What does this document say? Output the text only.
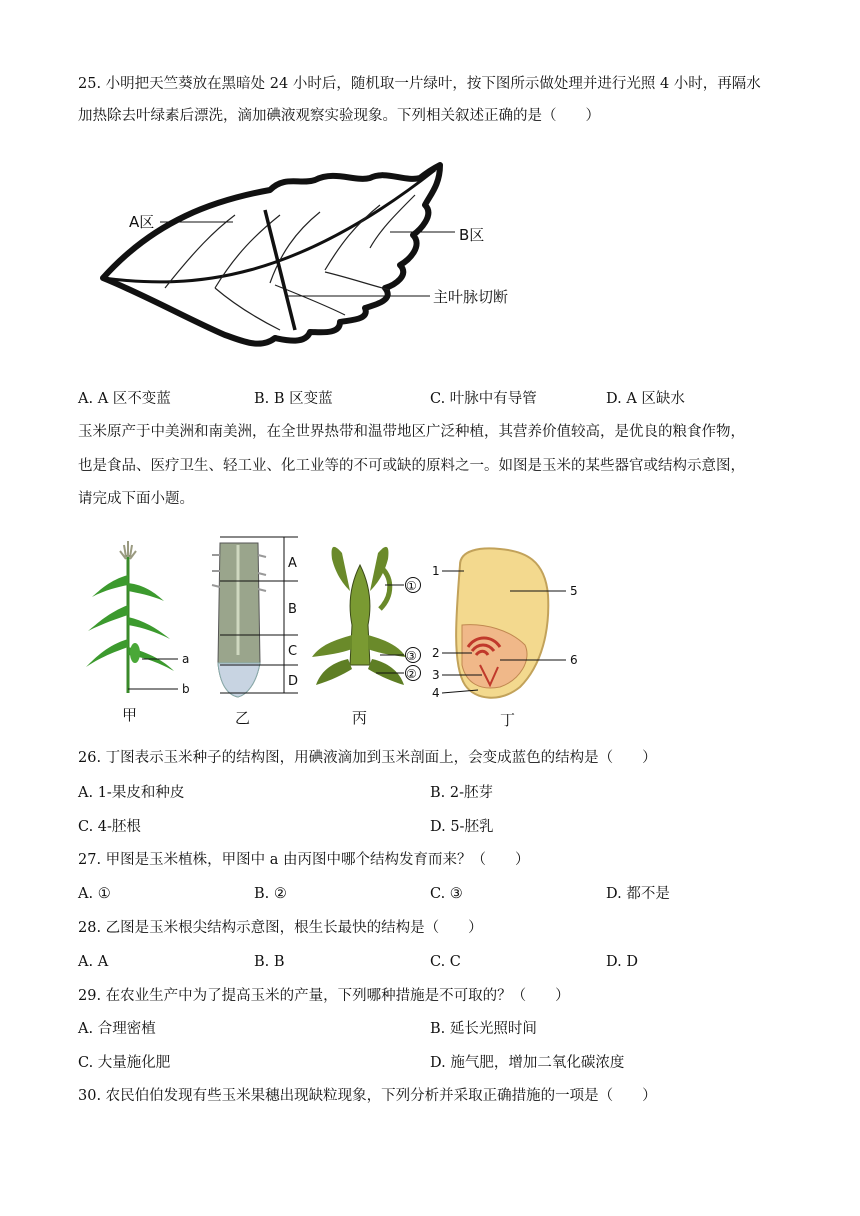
25. 小明把天竺葵放在黑暗处 24 小时后，随机取一片绿叶，按下图所示做处理并进行光照 4 小时，再隔水
加热除去叶绿素后漂洗，滴加碘液观察实验现象。下列相关叙述正确的是（　　）
A区
B区
主叶脉切断
A. A 区不变蓝	B. B 区变蓝	C. 叶脉中有导管	D. A 区缺水
玉米原产于中美洲和南美洲，在全世界热带和温带地区广泛种植，其营养价值较高，是优良的粮食作物，
也是食品、医疗卫生、轻工业、化工业等的不可或缺的原料之一。如图是玉米的某些器官或结构示意图，
请完成下面小题。
a
b
甲
A
B
C
D
乙
①
③
②
丙
1
5
2	6
3
4
丁
26. 丁图表示玉米种子的结构图，用碘液滴加到玉米剖面上，会变成蓝色的结构是（　　）
A. 1-果皮和种皮	B. 2-胚芽
C. 4-胚根	D. 5-胚乳
27. 甲图是玉米植株，甲图中 a 由丙图中哪个结构发育而来？（　　）
A. ①	B. ②	C. ③	D. 都不是
28. 乙图是玉米根尖结构示意图，根生长最快的结构是（　　）
A. A	B. B	C. C	D. D
29. 在农业生产中为了提高玉米的产量，下列哪种措施是不可取的？（　　）
A. 合理密植	B. 延长光照时间
C. 大量施化肥	D. 施气肥，增加二氧化碳浓度
30. 农民伯伯发现有些玉米果穗出现缺粒现象，下列分析并采取正确措施的一项是（　　）
